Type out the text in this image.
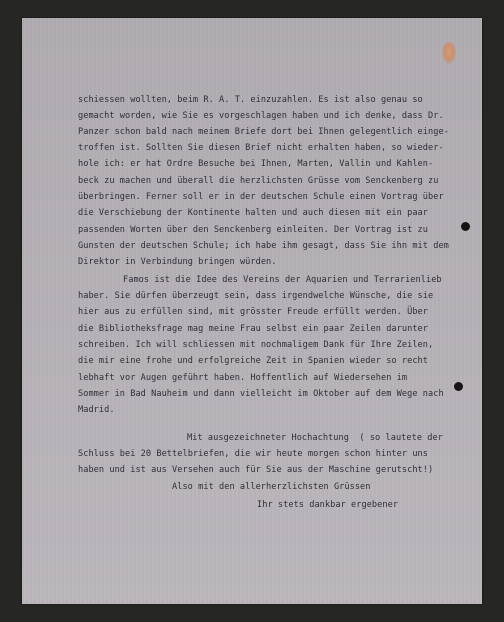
schiessen wollten, beim R. A. T. einzuzahlen. Es ist also genau so
gemacht worden, wie Sie es vorgeschlagen haben und ich denke, dass Dr.
Panzer schon bald nach meinem Briefe dort bei Ihnen gelegentlich einge-
troffen ist. Sollten Sie diesen Brief nicht erhalten haben, so wieder-
hole ich: er hat Ordre Besuche bei Ihnen, Marten, Vallin und Kahlen-
beck zu machen und überall die herzlichsten Grüsse vom Senckenberg zu
überbringen. Ferner soll er in der deutschen Schule einen Vortrag über
die Verschiebung der Kontinente halten und auch diesen mit ein paar
passenden Worten über den Senckenberg einleiten. Der Vortrag ist zu
Gunsten der deutschen Schule; ich habe ihm gesagt, dass Sie ihn mit dem
Direktor in Verbindung bringen würden.
Famos ist die Idee des Vereins der Aquarien und Terrarienlieb
haber. Sie dürfen überzeugt sein, dass irgendwelche Wünsche, die sie
hier aus zu erfüllen sind, mit grösster Freude erfüllt werden. Über
die Bibliotheksfrage mag meine Frau selbst ein paar Zeilen darunter
schreiben. Ich will schliessen mit nochmaligem Dank für Ihre Zeilen,
die mir eine frohe und erfolgreiche Zeit in Spanien wieder so recht
lebhaft vor Augen geführt haben. Hoffentlich auf Wiedersehen im
Sommer in Bad Nauheim und dann vielleicht im Oktober auf dem Wege nach
Madrid.
Mit ausgezeichneter Hochachtung  ( so lautete der
Schluss bei 20 Bettelbriefen, die wir heute morgen schon hinter uns
haben und ist aus Versehen auch für Sie aus der Maschine gerutscht!)
Also mit den allerherzlichsten Grüssen
Ihr stets dankbar ergebener
